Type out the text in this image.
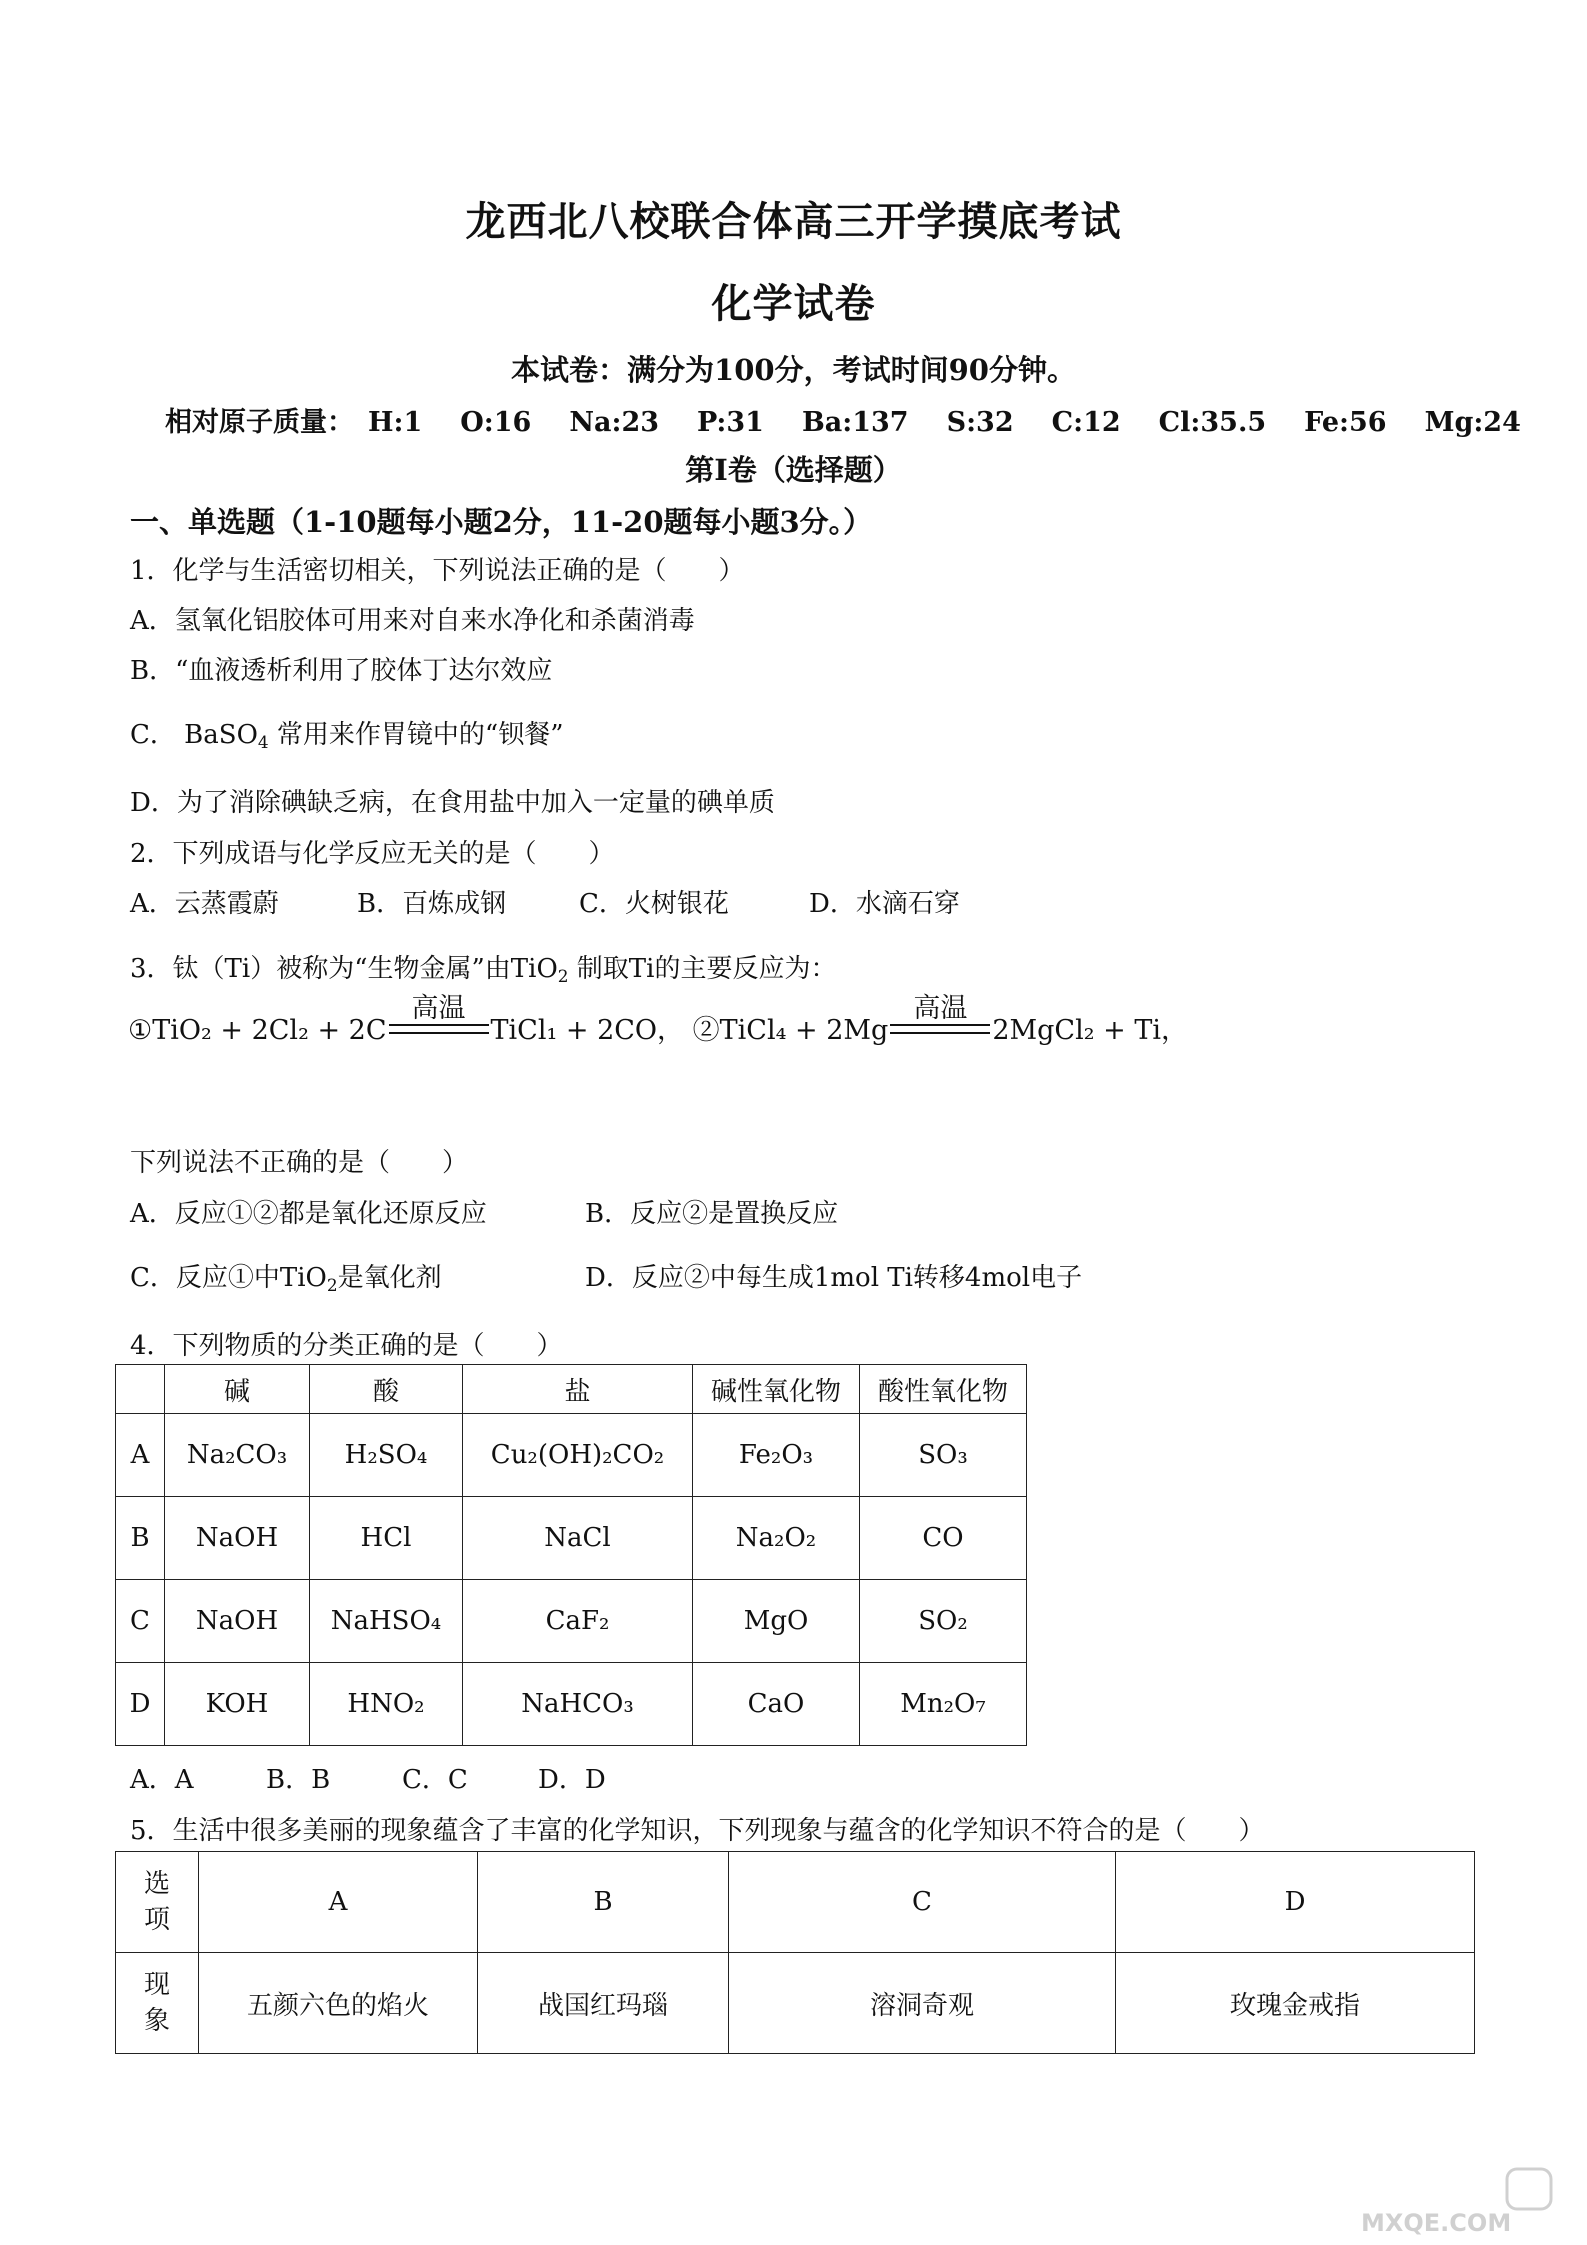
龙西北八校联合体高三开学摸底考试
化学试卷
本试卷：满分为100分，考试时间90分钟。
相对原子质量： H:1 O:16 Na:23 P:31 Ba:137 S:32 C:12 Cl:35.5 Fe:56 Mg:24
第Ⅰ卷（选择题）
一、单选题（1-10题每小题2分，11-20题每小题3分。）
1．化学与生活密切相关，下列说法正确的是（　　）
A．氢氧化铝胶体可用来对自来水净化和杀菌消毒
B．“血液透析利用了胶体丁达尔效应
C． BaSO$_4$ 常用来作胃镜中的“钡餐”
D．为了消除碘缺乏病，在食用盐中加入一定量的碘单质
2．下列成语与化学反应无关的是（　　）
A．云蒸霞蔚	B．百炼成钢	C．火树银花	D．水滴石穿
3．钛（Ti）被称为“生物金属”由TiO$_2$ 制取Ti的主要反应为：
①TiO₂ + 2Cl₂ + 2C
高温
TiCl₁ + 2CO， ②TiCl₄ + 2Mg
高温
2MgCl₂ + Ti，
下列说法不正确的是（　　）
A．反应①②都是氧化还原反应	B．反应②是置换反应
C．反应①中TiO$_2$是氧化剂	D．反应②中每生成1mol Ti转移4mol电子
4．下列物质的分类正确的是（　　）
	碱	酸	盐	碱性氧化物	酸性氧化物
A	Na₂CO₃	H₂SO₄	Cu₂(OH)₂CO₂	Fe₂O₃	SO₃
B	NaOH	HCl	NaCl	Na₂O₂	CO
C	NaOH	NaHSO₄	CaF₂	MgO	SO₂
D	KOH	HNO₂	NaHCO₃	CaO	Mn₂O₇
A．A	B．B	C．C	D．D
5．生活中很多美丽的现象蕴含了丰富的化学知识，下列现象与蕴含的化学知识不符合的是（　　）
选
项	A	B	C	D
现
象	五颜六色的焰火	战国红玛瑙	溶洞奇观	玫瑰金戒指
MXQE.COM
